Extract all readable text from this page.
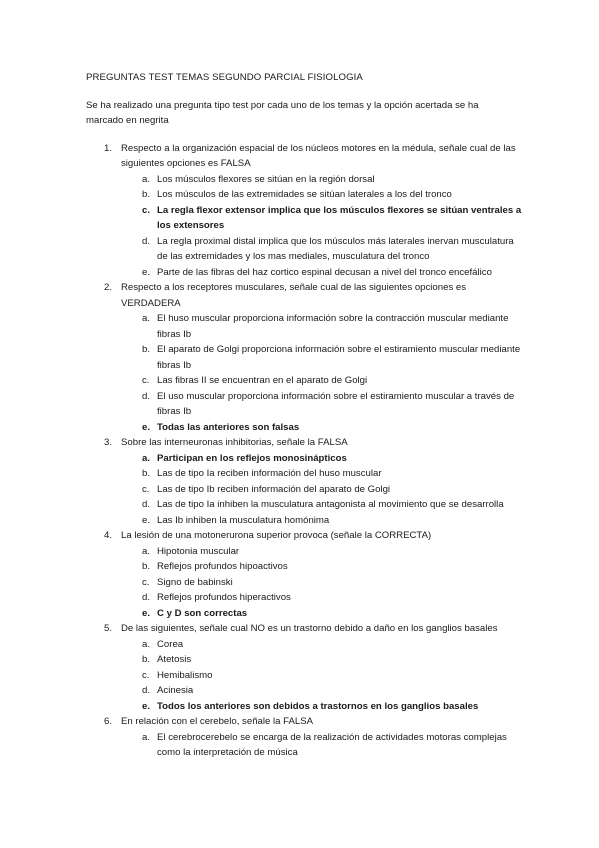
PREGUNTAS TEST TEMAS SEGUNDO PARCIAL FISIOLOGIA

Se ha realizado una pregunta tipo test por cada uno de los temas y la opción acertada se ha marcado en negrita

1. Respecto a la organización espacial de los núcleos motores en la médula, señale cual de las siguientes opciones es FALSA
a. Los músculos flexores se sitúan en la región dorsal
b. Los músculos de las extremidades se sitúan laterales a los del tronco
c. La regla flexor extensor implica que los músculos flexores se sitúan ventrales a los extensores
d. La regla proximal distal implica que los músculos más laterales inervan musculatura de las extremidades y los mas mediales, musculatura del tronco
e. Parte de las fibras del haz cortico espinal decusan a nivel del tronco encefálico
2. Respecto a los receptores musculares, señale cual de las siguientes opciones es VERDADERA
a. El huso muscular proporciona información sobre la contracción muscular mediante fibras Ib
b. El aparato de Golgi proporciona información sobre el estiramiento muscular mediante fibras Ib
c. Las fibras II se encuentran en el aparato de Golgi
d. El uso muscular proporciona información sobre el estiramiento muscular a través de fibras Ib
e. Todas las anteriores son falsas
3. Sobre las interneuronas inhibitorias, señale la FALSA
a. Participan en los reflejos monosinápticos
b. Las de tipo Ia reciben información del huso muscular
c. Las de tipo Ib reciben información del aparato de Golgi
d. Las de tipo Ia inhiben la musculatura antagonista al movimiento que se desarrolla
e. Las Ib inhiben la musculatura homónima
4. La lesión de una motonerurona superior provoca (señale la CORRECTA)
a. Hipotonia muscular
b. Reflejos profundos hipoactivos
c. Signo de babinski
d. Reflejos profundos hiperactivos
e. C y D son correctas
5. De las siguientes, señale cual NO es un trastorno debido a daño en los ganglios basales
a. Corea
b. Atetosis
c. Hemibalismo
d. Acinesia
e. Todos los anteriores son debidos a trastornos en los ganglios basales
6. En relación con el cerebelo, señale la FALSA
a. El cerebrocerebelo se encarga de la realización de actividades motoras complejas como la interpretación de música
